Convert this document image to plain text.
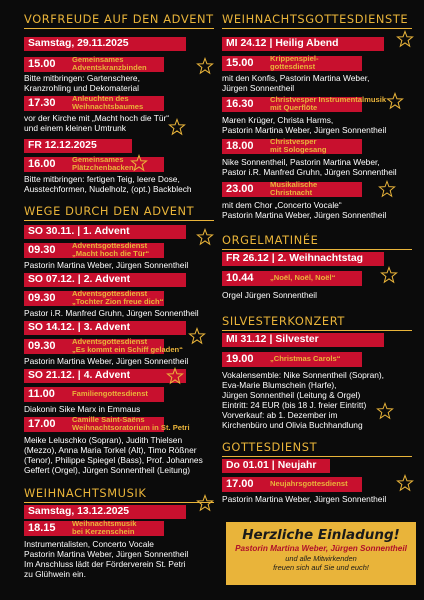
VORFREUDE AUF DEN ADVENT
Samstag, 29.11.2025
15.00 Gemeinsames
Adventskranzbinden
Bitte mitbringen: Gartenschere,
Kranzrohling und Dekomaterial
17.30 Anleuchten des
Weihnachtsbaumes
vor der Kirche mit „Macht hoch die Tür“
und einem kleinen Umtrunk
FR 12.12.2025
16.00 Gemeinsames
Plätzchenbacken
Bitte mitbringen: fertigen Teig, leere Dose,
Ausstechformen, Nudelholz, (opt.) Backblech
WEGE DURCH DEN ADVENT
SO 30.11. | 1. Advent
09.30 Adventsgottesdienst
„Macht hoch die Tür“
Pastorin Martina Weber, Jürgen Sonnentheil
SO 07.12. | 2. Advent
09.30 Adventsgottesdienst
„Tochter Zion freue dich“
Pastor i.R. Manfred Gruhn, Jürgen Sonnentheil
SO 14.12. | 3. Advent
09.30 Adventsgottesdienst
„Es kommt ein Schiff geladen“
Pastorin Martina Weber, Jürgen Sonnentheil
SO 21.12. | 4. Advent
11.00 Familiengottesdienst
Diakonin Sike Marx in Emmaus
17.00 Camille Saint-Saëns
Weihnachtsoratorium in St. Petri
Meike Leluschko (Sopran), Judith Thielsen
(Mezzo), Anna Maria Torkel (Alt), Timo Rößner
(Tenor), Philippe Spiegel (Bass), Prof. Johannes
Geffert (Orgel), Jürgen Sonnentheil (Leitung)
WEIHNACHTSMUSIK
Samstag, 13.12.2025
18.15 Weihnachtsmusik
bei Kerzenschein
Instrumentalisten, Concerto Vocale
Pastorin Martina Weber, Jürgen Sonnentheil
Im Anschluss lädt der Förderverein St. Petri
zu Glühwein ein.
WEIHNACHTSGOTTESDIENSTE
MI 24.12 | Heilig Abend
15.00 Krippenspiel-
gottesdienst
mit den Konfis, Pastorin Martina Weber,
Jürgen Sonnentheil
16.30 Christvesper Instrumentalmusik
mit Querflöte
Maren Krüger, Christa Harms,
Pastorin Martina Weber, Jürgen Sonnentheil
18.00 Christvesper
mit Sologesang
Nike Sonnentheil, Pastorin Martina Weber,
Pastor i.R. Manfred Gruhn, Jürgen Sonnentheil
23.00 Musikalische
Christnacht
mit dem Chor „Concerto Vocale“
Pastorin Martina Weber, Jürgen Sonnentheil
ORGELMATINÉE
FR 26.12 | 2. Weihnachtstag
10.44 „Noël, Noël, Noël“
Orgel Jürgen Sonnentheil
SILVESTERKONZERT
MI 31.12 | Silvester
19.00 „Christmas Carols“
Vokalensemble: Nike Sonnentheil (Sopran),
Eva-Marie Blumschein (Harfe),
Jürgen Sonnentheil (Leitung & Orgel)
Eintritt: 24 EUR (bis 18 J. freier Eintritt)
Vorverkauf: ab 1. Dezember im
Kirchenbüro und Olivia Buchhandlung
GOTTESDIENST
Do 01.01 | Neujahr
17.00 Neujahrsgottesdienst
Pastorin Martina Weber, Jürgen Sonnentheil
Herzliche Einladung!
Pastorin Martina Weber, Jürgen Sonnentheil
und alle Mitwirkenden
freuen sich auf Sie und euch!
